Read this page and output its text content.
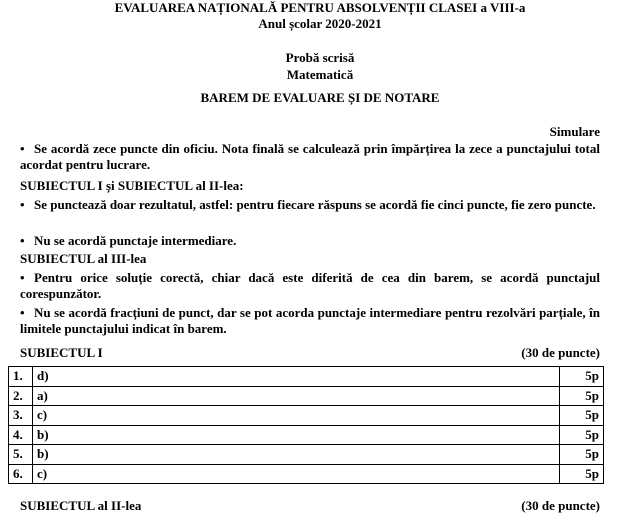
EVALUAREA NAȚIONALĂ PENTRU ABSOLVENȚII CLASEI a VIII-a
Anul școlar 2020-2021
Probă scrisă
Matematică
BAREM DE EVALUARE ȘI DE NOTARE
Simulare
• Se acordă zece puncte din oficiu. Nota finală se calculează prin împărțirea la zece a punctajului total acordat pentru lucrare.
SUBIECTUL I și SUBIECTUL al II-lea:
• Se punctează doar rezultatul, astfel: pentru fiecare răspuns se acordă fie cinci puncte, fie zero puncte.
• Nu se acordă punctaje intermediare.
SUBIECTUL al III-lea
• Pentru orice soluție corectă, chiar dacă este diferită de cea din barem, se acordă punctajul corespunzător.
• Nu se acordă fracțiuni de punct, dar se pot acorda punctaje intermediare pentru rezolvări parțiale, în limitele punctajului indicat în barem.
SUBIECTUL I	(30 de puncte)
1.	d)	5p
2.	a)	5p
3.	c)	5p
4.	b)	5p
5.	b)	5p
6.	c)	5p
SUBIECTUL al II-lea	(30 de puncte)
